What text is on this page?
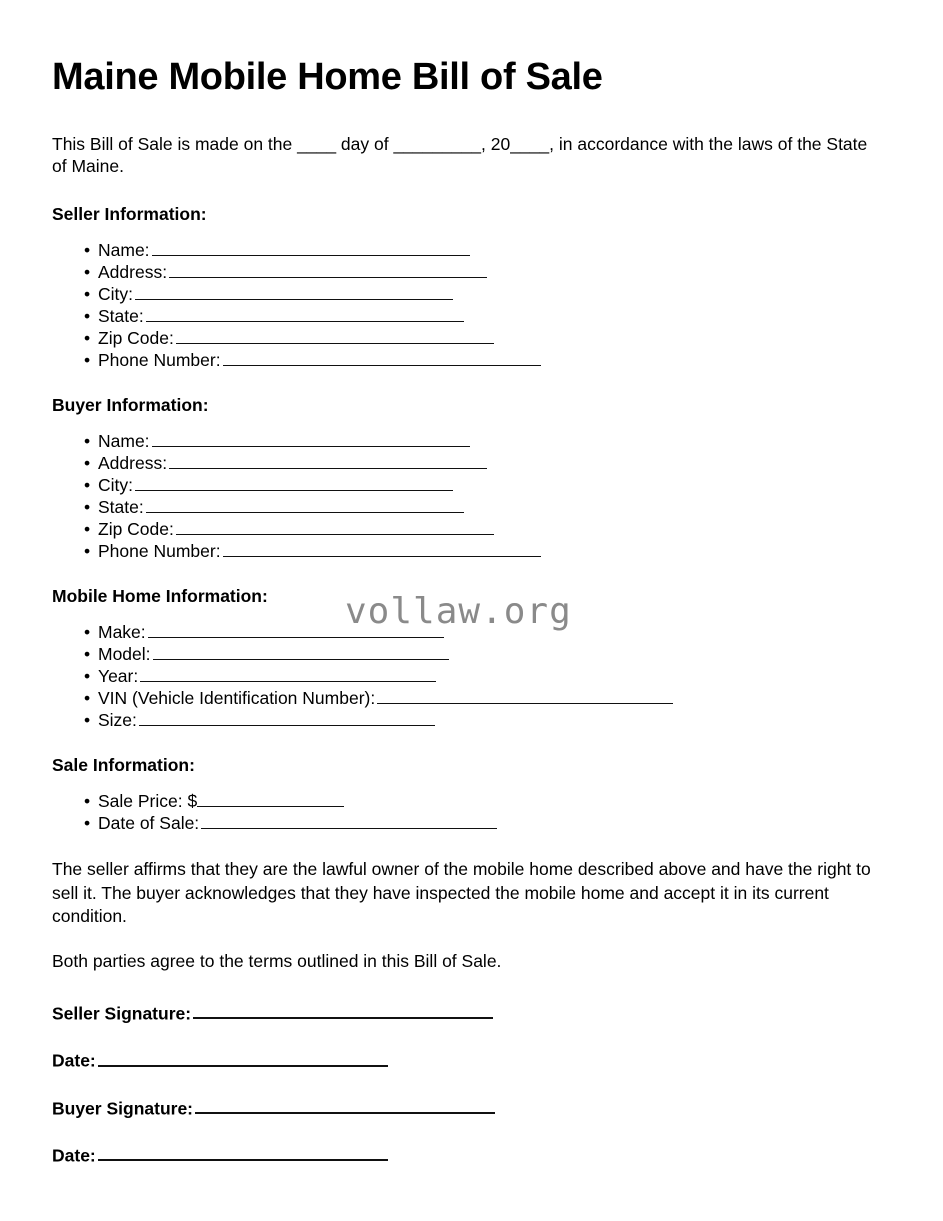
vollaw.org
Maine Mobile Home Bill of Sale

This Bill of Sale is made on the ____ day of _________, 20____, in accordance with the laws of the State of Maine.

Seller Information:
• Name:
• Address:
• City:
• State:
• Zip Code:
• Phone Number:
Buyer Information:
• Name:
• Address:
• City:
• State:
• Zip Code:
• Phone Number:
Mobile Home Information:
• Make:
• Model:
• Year:
• VIN (Vehicle Identification Number):
• Size:
Sale Information:
• Sale Price: $
• Date of Sale:

The seller affirms that they are the lawful owner of the mobile home described above and have the right to sell it. The buyer acknowledges that they have inspected the mobile home and accept it in its current condition.

Both parties agree to the terms outlined in this Bill of Sale.

Seller Signature:
Date:
Buyer Signature:
Date:
